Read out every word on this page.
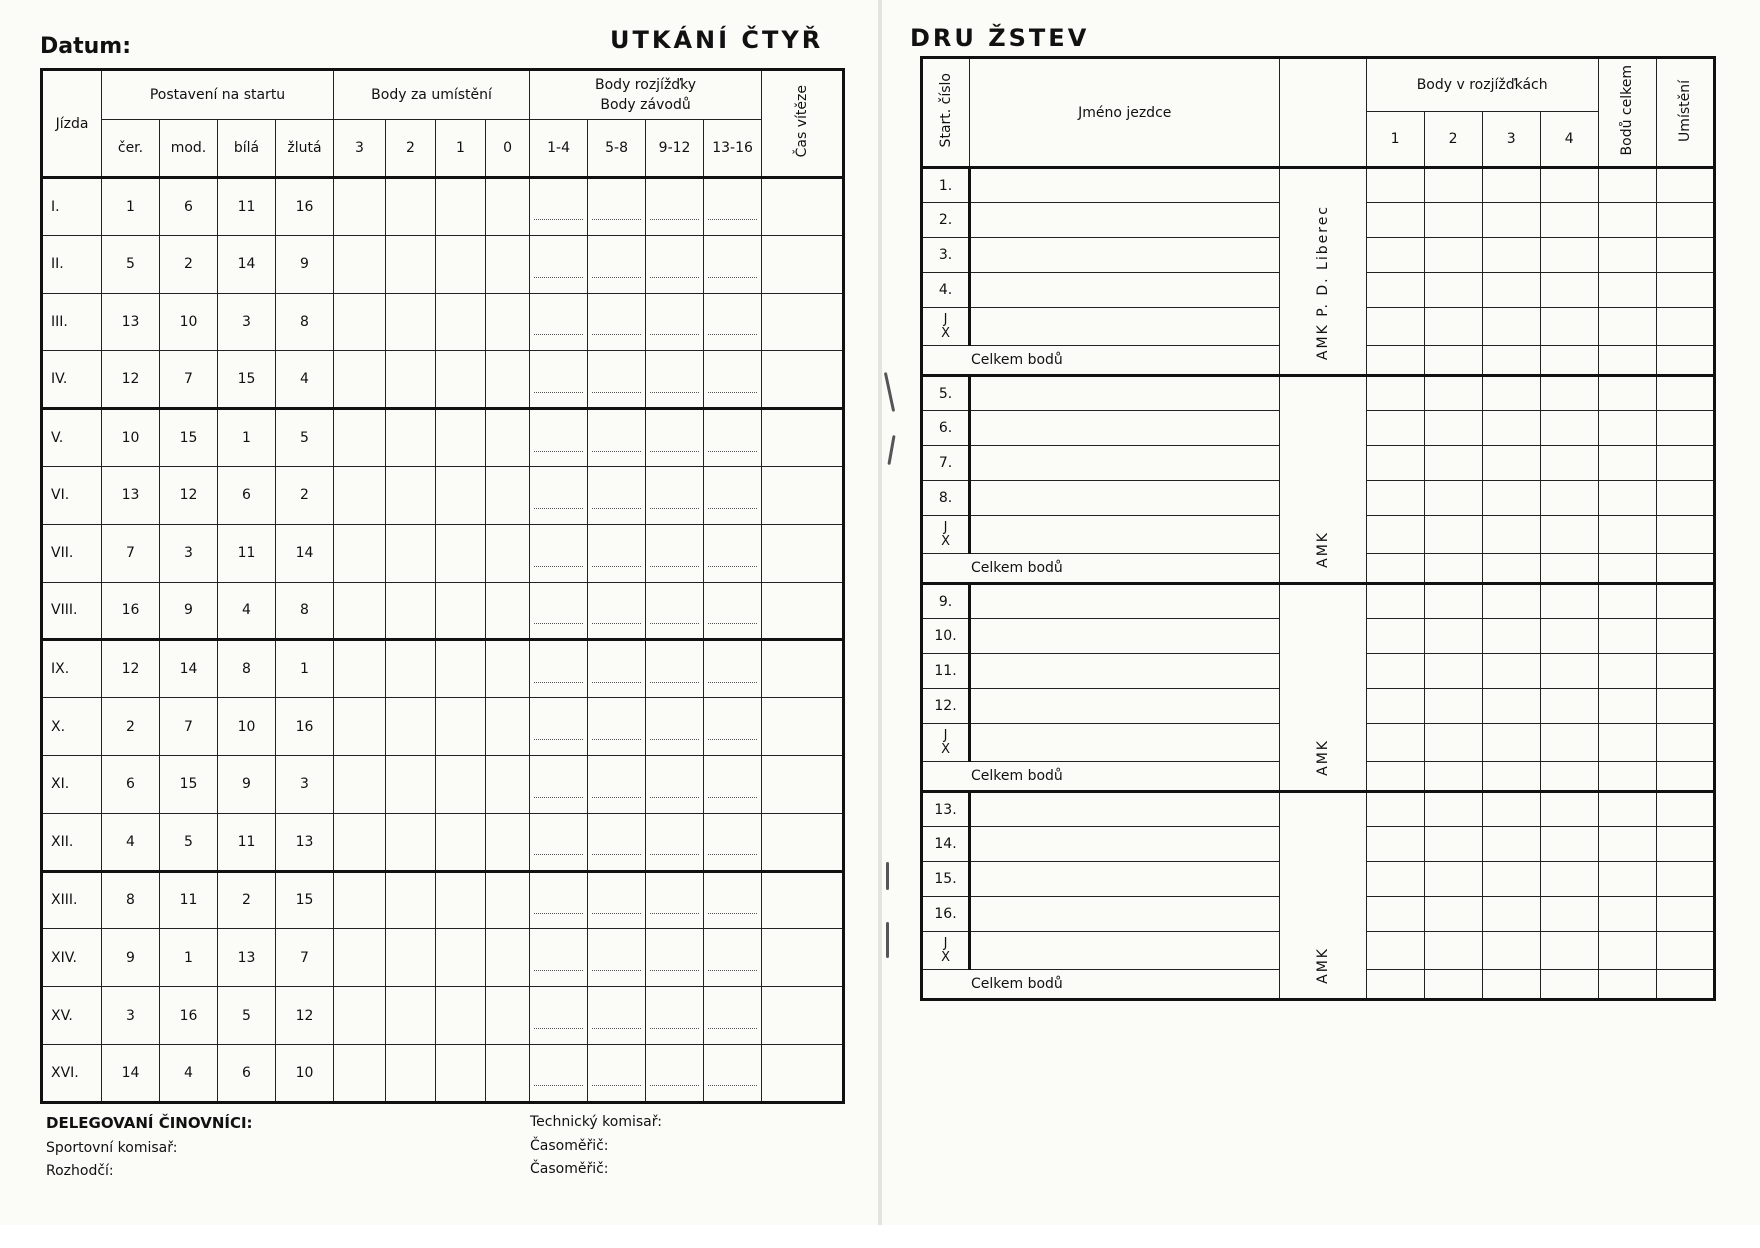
Datum:	UTKÁNÍ ČTYŘ
Jízda	Postavení na startu				Body za umístění				Body rozjížďky
Body závodů				Čas vítěze
	čer.	mod.	bílá	žlutá	3	2	1	0	1-4	5-8	9-12	13-16	
I.	1	6	11	16					

II.	5	2	14	9					

III.	13	10	3	8					

IV.	12	7	15	4					

V.	10	15	1	5					

VI.	13	12	6	2					

VII.	7	3	11	14					

VIII.	16	9	4	8					

IX.	12	14	8	1					

X.	2	7	10	16					

XI.	6	15	9	3					

XII.	4	5	11	13					

XIII.	8	11	2	15					

XIV.	9	1	13	7					

XV.	3	16	5	12					

XVI.	14	4	6	10					

DELEGOVANÍ ČINOVNÍCI:
Sportovní komisař:
Rozhodčí:
Technický komisař:
Časoměřič:
Časoměřič:
DRU ŽSTEV
Start. číslo	Jméno jezdce		Body v rozjížďkách				Bodů celkem	Umístění
			1	2	3	4		
1.		AMK P. D. Liberec						
2.								
3.								
4.								

J
X								

Celkem bodů								
5.		AMK						
6.								
7.								
8.								

J
X								

Celkem bodů								
9.		AMK						
10.								
11.								
12.								

J
X								

Celkem bodů								
13.		AMK						
14.								
15.								
16.								

J
X								

Celkem bodů								
